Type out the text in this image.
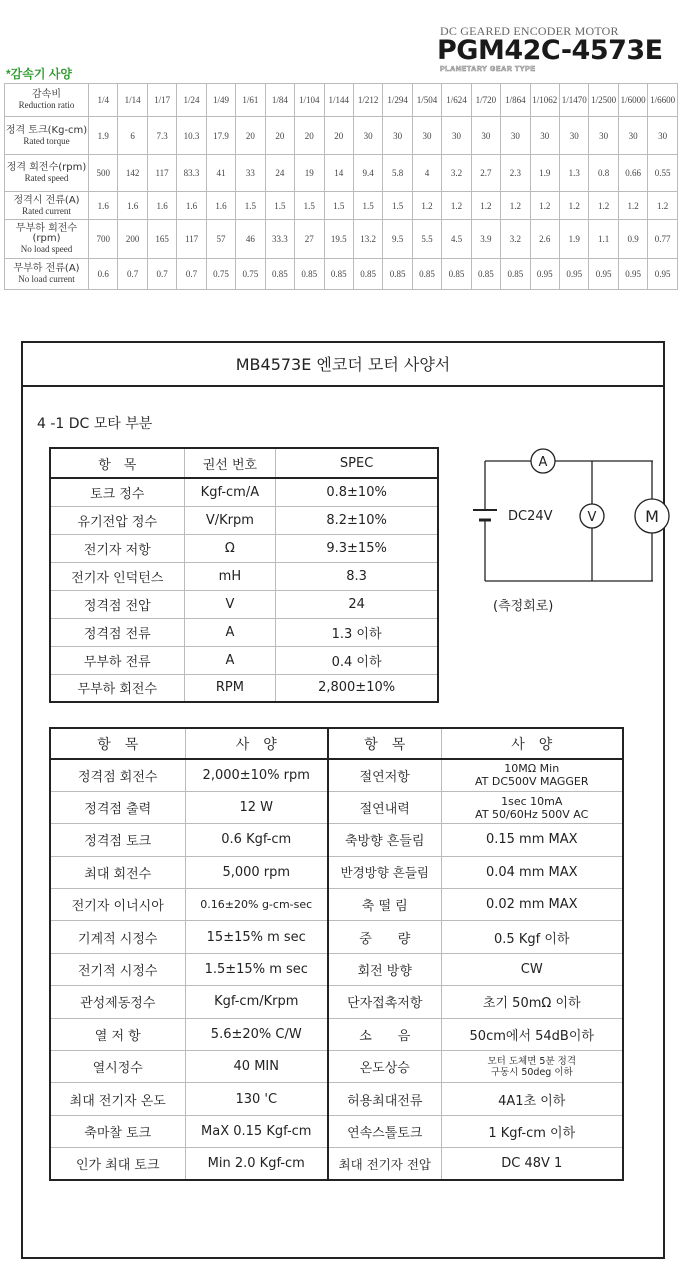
DC GEARED ENCODER MOTOR
PGM42C-4573E
PLANETARY GEAR TYPE
*감속기 사양
감속비
Reduction ratio	1/4	1/14	1/17	1/24	1/49	1/61	1/84	1/104	1/144	1/212	1/294	1/504	1/624	1/720	1/864	1/1062	1/1470	1/2500	1/6000	1/6600

정격 토크(Kg-cm)
Rated torque	1.9	6	7.3	10.3	17.9	20	20	20	20	30	30	30	30	30	30	30	30	30	30	30

정격 회전수(rpm)
Rated speed	500	142	117	83.3	41	33	24	19	14	9.4	5.8	4	3.2	2.7	2.3	1.9	1.3	0.8	0.66	0.55

정격시 전류(A)
Rated current	1.6	1.6	1.6	1.6	1.6	1.5	1.5	1.5	1.5	1.5	1.5	1.2	1.2	1.2	1.2	1.2	1.2	1.2	1.2	1.2

무부하 회전수(rpm)
No load speed	700	200	165	117	57	46	33.3	27	19.5	13.2	9.5	5.5	4.5	3.9	3.2	2.6	1.9	1.1	0.9	0.77

무부하 전류(A)
No load current	0.6	0.7	0.7	0.7	0.75	0.75	0.85	0.85	0.85	0.85	0.85	0.85	0.85	0.85	0.85	0.95	0.95	0.95	0.95	0.95
MB4573E 엔코더 모터 사양서
4 -1 DC 모타 부분
항　목	권선 번호	SPEC
토크 정수	Kgf-cm/A	0.8±10%
유기전압 정수	V/Krpm	8.2±10%
전기자 저항	Ω	9.3±15%
전기자 인덕턴스	mH	8.3
정격점 전압	V	24
정격점 전류	A	1.3 이하
무부하 전류	A	0.4 이하
무부하 회전수	RPM	2,800±10%
A
V	M
DC24V
(측정회로)
항　목	사　양	항　목	사　양
정격점 회전수	2,000±10% rpm	절연저항	10MΩ Min
AT DC500V MAGGER

정격점 출력	12 W	절연내력	1sec 10mA
AT 50/60Hz 500V AC

정격점 토크	0.6 Kgf-cm	축방향 흔들림	0.15 mm MAX
최대 회전수	5,000 rpm	반경방향 흔들림	0.04 mm MAX
전기자 이너시아	0.16±20% g-cm-sec	축 떨 림	0.02 mm MAX
기계적 시정수	15±15% m sec	중　　량	0.5 Kgf 이하
전기적 시정수	1.5±15% m sec	회전 방향	CW
관성제동정수	Kgf-cm/Krpm	단자접촉저항	초기 50mΩ 이하
열 저 항	5.6±20% C/W	소　　음	50cm에서 54dB이하
열시정수	40 MIN	온도상승	모터 도체면 5분 정격
구동시 50deg 이하

최대 전기자 온도	130 'C	허용최대전류	4A1초 이하
축마찰 토크	MaX 0.15 Kgf-cm	연속스톨토크	1 Kgf-cm 이하
인가 최대 토크	Min 2.0 Kgf-cm	최대 전기자 전압	DC 48V 1
